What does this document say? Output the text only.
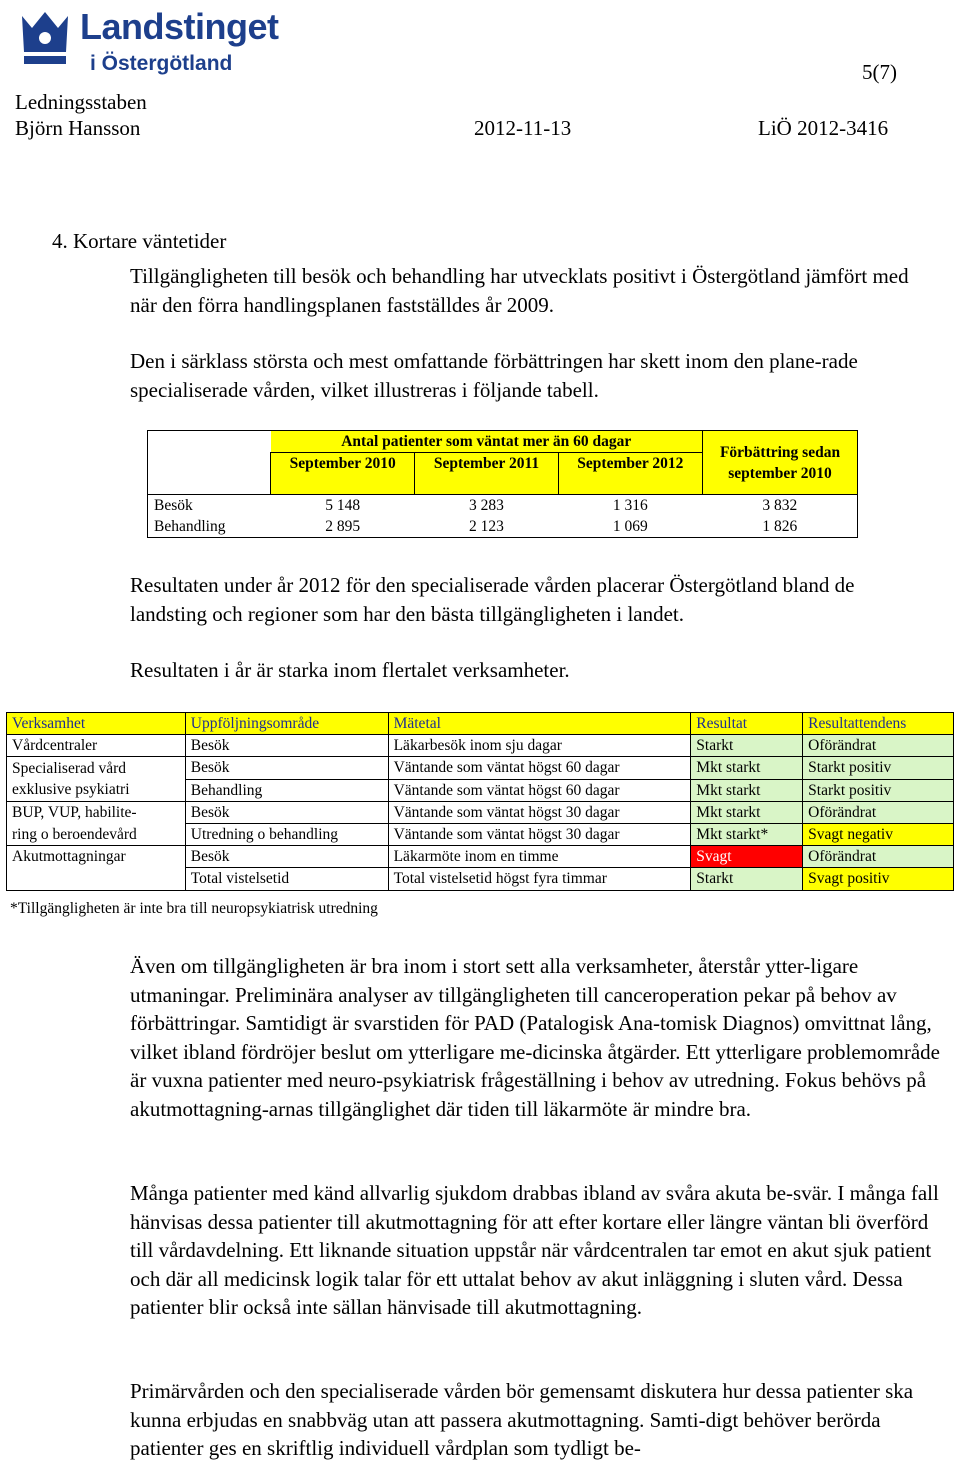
Landstinget
i Östergötland	5(7)
Ledningsstaben
Björn Hansson	2012-11-13	LiÖ 2012-3416
4. Kortare väntetider
Tillgängligheten till besök och behandling har utvecklats positivt i Östergötland jämfört med när den förra handlingsplanen fastställdes år 2009.
Den i särklass största och mest omfattande förbättringen har skett inom den plane-rade specialiserade vården, vilket illustreras i följande tabell.
	Antal patienter som väntat mer än 60 dagar			Förbättring sedan september 2010
	September 2010	September 2011	September 2012	
Besök	5 148	3 283	1 316	3 832
Behandling	2 895	2 123	1 069	1 826
Resultaten under år 2012 för den specialiserade vården placerar Östergötland bland de landsting och regioner som har den bästa tillgängligheten i landet.
Resultaten i år är starka inom flertalet verksamheter.
Verksamhet	Uppföljningsområde	Mätetal	Resultat	Resultattendens
Vårdcentraler	Besök	Läkarbesök inom sju dagar	Starkt	Oförändrat
Specialiserad vård	Besök	Väntande som väntat högst 60 dagar	Mkt starkt	Starkt positiv
exklusive psykiatri	Behandling	Väntande som väntat högst 60 dagar	Mkt starkt	Starkt positiv
BUP, VUP, habilite-	Besök	Väntande som väntat högst 30 dagar	Mkt starkt	Oförändrat
ring o beroendevård	Utredning o behandling	Väntande som väntat högst 30 dagar	Mkt starkt*	Svagt negativ
Akutmottagningar	Besök	Läkarmöte inom en timme	Svagt	Oförändrat
	Total vistelsetid	Total vistelsetid högst fyra timmar	Starkt	Svagt positiv
*Tillgängligheten är inte bra till neuropsykiatrisk utredning
Även om tillgängligheten är bra inom i stort sett alla verksamheter, återstår ytter-ligare utmaningar. Preliminära analyser av tillgängligheten till canceroperation pekar på behov av förbättringar. Samtidigt är svarstiden för PAD (Patalogisk Ana-tomisk Diagnos) omvittnat lång, vilket ibland fördröjer beslut om ytterligare me-dicinska åtgärder. Ett ytterligare problemområde är vuxna patienter med neuro-psykiatrisk frågeställning i behov av utredning. Fokus behövs på akutmottagning-arnas tillgänglighet där tiden till läkarmöte är mindre bra.
Många patienter med känd allvarlig sjukdom drabbas ibland av svåra akuta be-svär. I många fall hänvisas dessa patienter till akutmottagning för att efter kortare eller längre väntan bli överförd till vårdavdelning. Ett liknande situation uppstår när vårdcentralen tar emot en akut sjuk patient och där all medicinsk logik talar för ett uttalat behov av akut inläggning i sluten vård. Dessa patienter blir också inte sällan hänvisade till akutmottagning.
Primärvården och den specialiserade vården bör gemensamt diskutera hur dessa patienter ska kunna erbjudas en snabbväg utan att passera akutmottagning. Samti-digt behöver berörda patienter ges en skriftlig individuell vårdplan som tydligt be-
